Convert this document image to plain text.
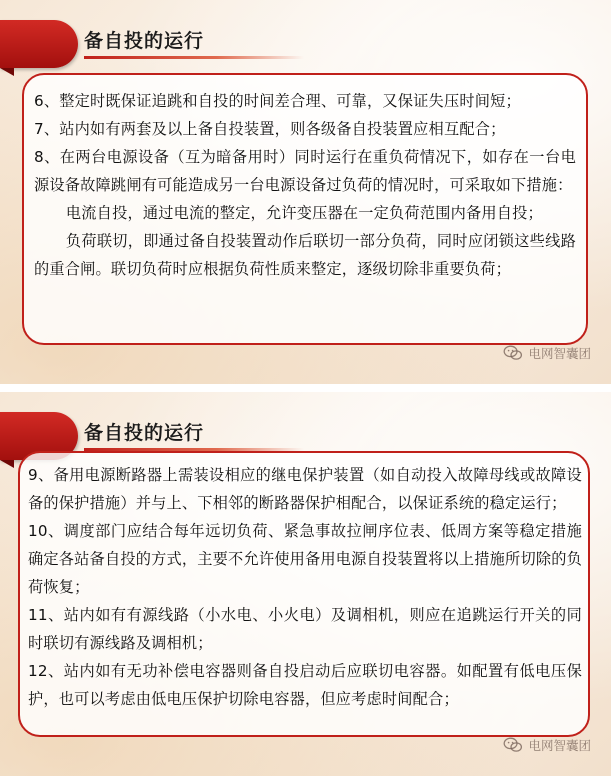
备自投的运行

6、整定时既保证追跳和自投的时间差合理、可靠，又保证失压时间短；

7、站内如有两套及以上备自投装置，则各级备自投装置应相互配合；

8、在两台电源设备（互为暗备用时）同时运行在重负荷情况下，如存在一台电源设备故障跳闸有可能造成另一台电源设备过负荷的情况时，可采取如下措施：

电流自投，通过电流的整定，允许变压器在一定负荷范围内备用自投；

负荷联切，即通过备自投装置动作后联切一部分负荷，同时应闭锁这些线路的重合闸。联切负荷时应根据负荷性质来整定，逐级切除非重要负荷；

电网智囊团
备自投的运行

9、备用电源断路器上需装设相应的继电保护装置（如自动投入故障母线或故障设备的保护措施）并与上、下相邻的断路器保护相配合，以保证系统的稳定运行；

10、调度部门应结合每年远切负荷、紧急事故拉闸序位表、低周方案等稳定措施确定各站备自投的方式，主要不允许使用备用电源自投装置将以上措施所切除的负荷恢复；

11、站内如有有源线路（小水电、小火电）及调相机，则应在追跳运行开关的同时联切有源线路及调相机；

12、站内如有无功补偿电容器则备自投启动后应联切电容器。如配置有低电压保护，也可以考虑由低电压保护切除电容器，但应考虑时间配合；

电网智囊团
